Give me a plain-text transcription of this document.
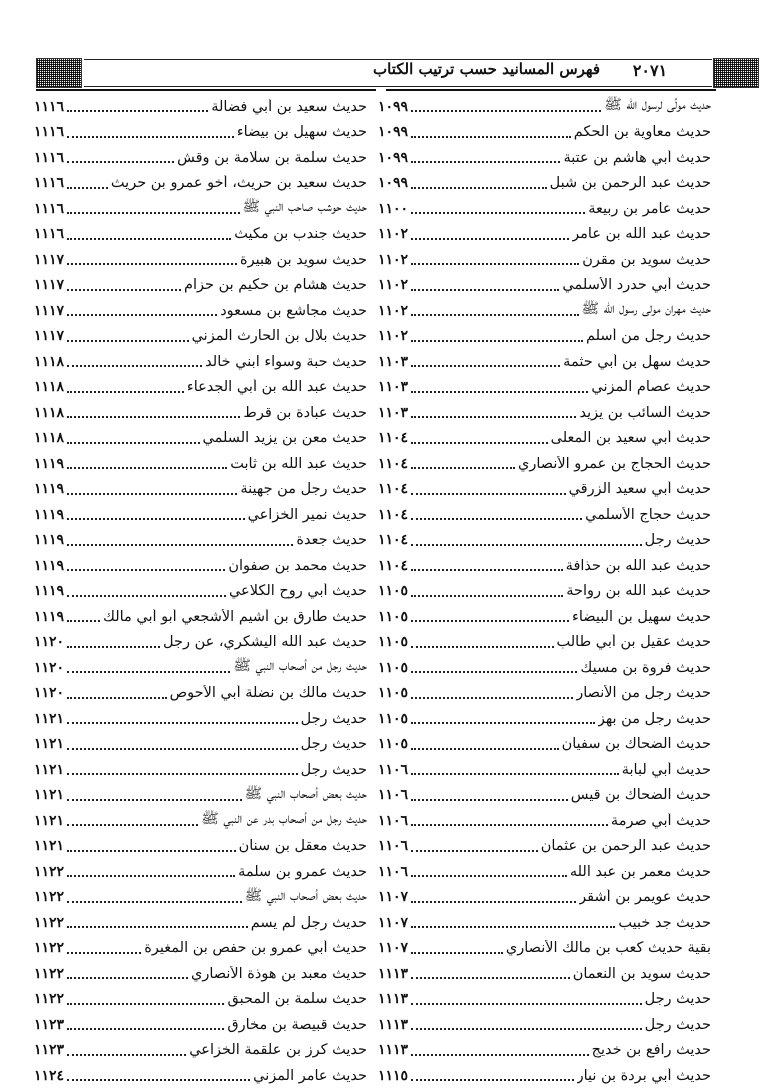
فهرس المسانيد حسب ترتيب الكتاب	٢٠٧١
حديث مولًى لرسول الله ﷺ
١٠٩٩
حديث معاوية بن الحكم
١٠٩٩
حديث أبي هاشم بن عتبة
١٠٩٩
حديث عبد الرحمن بن شبل
١٠٩٩
حديث عامر بن ربيعة
١١٠٠
حديث عبد الله بن عامر
١١٠٢
حديث سويد بن مقرن
١١٠٢
حديث أبي حدرد الأسلمي
١١٠٢
حديث مهران مولى رسول الله ﷺ
١١٠٢
حديث رجل من أسلم
١١٠٢
حديث سهل بن أبي حثمة
١١٠٣
حديث عصام المزني
١١٠٣
حديث السائب بن يزيد
١١٠٣
حديث أبي سعيد بن المعلى
١١٠٤
حديث الحجاج بن عمرو الأنصاري
١١٠٤
حديث أبي سعيد الزرقي
١١٠٤
حديث حجاج الأسلمي
١١٠٤
حديث رجل
١١٠٤
حديث عبد الله بن حذافة
١١٠٤
حديث عبد الله بن رواحة
١١٠٥
حديث سهيل بن البيضاء
١١٠٥
حديث عقيل بن أبي طالب
١١٠٥
حديث فروة بن مسيك
١١٠٥
حديث رجل من الأنصار
١١٠٥
حديث رجل من بهز
١١٠٥
حديث الضحاك بن سفيان
١١٠٥
حديث أبي لبابة
١١٠٦
حديث الضحاك بن قيس
١١٠٦
حديث أبي صرمة
١١٠٦
حديث عبد الرحمن بن عثمان
١١٠٦
حديث معمر بن عبد الله
١١٠٦
حديث عويمر بن أشقر
١١٠٧
حديث جد خبيب
١١٠٧
بقية حديث كعب بن مالك الأنصاري
١١٠٧
حديث سويد بن النعمان
١١١٣
حديث رجل
١١١٣
حديث رجل
١١١٣
حديث رافع بن خديج
١١١٣
حديث أبي بردة بن نيار
١١١٥
حديث سعيد بن أبي فضالة
١١١٦
حديث سهيل بن بيضاء
١١١٦
حديث سلمة بن سلامة بن وقش
١١١٦
حديث سعيد بن حريث، أخو عمرو بن حريث
١١١٦
حديث حوشب صاحب النبي ﷺ
١١١٦
حديث جندب بن مكيث
١١١٦
حديث سويد بن هبيرة
١١١٧
حديث هشام بن حكيم بن حزام
١١١٧
حديث مجاشع بن مسعود
١١١٧
حديث بلال بن الحارث المزني
١١١٧
حديث حبة وسواء ابني خالد
١١١٨
حديث عبد الله بن أبي الجدعاء
١١١٨
حديث عبادة بن قرط
١١١٨
حديث معن بن يزيد السلمي
١١١٨
حديث عبد الله بن ثابت
١١١٩
حديث رجل من جهينة
١١١٩
حديث نمير الخزاعي
١١١٩
حديث جعدة
١١١٩
حديث محمد بن صفوان
١١١٩
حديث أبي روح الكلاعي
١١١٩
حديث طارق بن أشيم الأشجعي أبو أبي مالك
١١١٩
حديث عبد الله اليشكري، عن رجل
١١٢٠
حديث رجل من أصحاب النبي ﷺ
١١٢٠
حديث مالك بن نضلة أبي الأحوص
١١٢٠
حديث رجل
١١٢١
حديث رجل
١١٢١
حديث رجل
١١٢١
حديث بعض أصحاب النبي ﷺ
١١٢١
حديث رجل من أصحاب بدر عن النبي ﷺ
١١٢١
حديث معقل بن سنان
١١٢١
حديث عمرو بن سلمة
١١٢٢
حديث بعض أصحاب النبي ﷺ
١١٢٢
حديث رجل لم يسم
١١٢٢
حديث أبي عمرو بن حفص بن المغيرة
١١٢٢
حديث معبد بن هوذة الأنصاري
١١٢٢
حديث سلمة بن المحبق
١١٢٢
حديث قبيصة بن مخارق
١١٢٣
حديث كرز بن علقمة الخزاعي
١١٢٣
حديث عامر المزني
١١٢٤
